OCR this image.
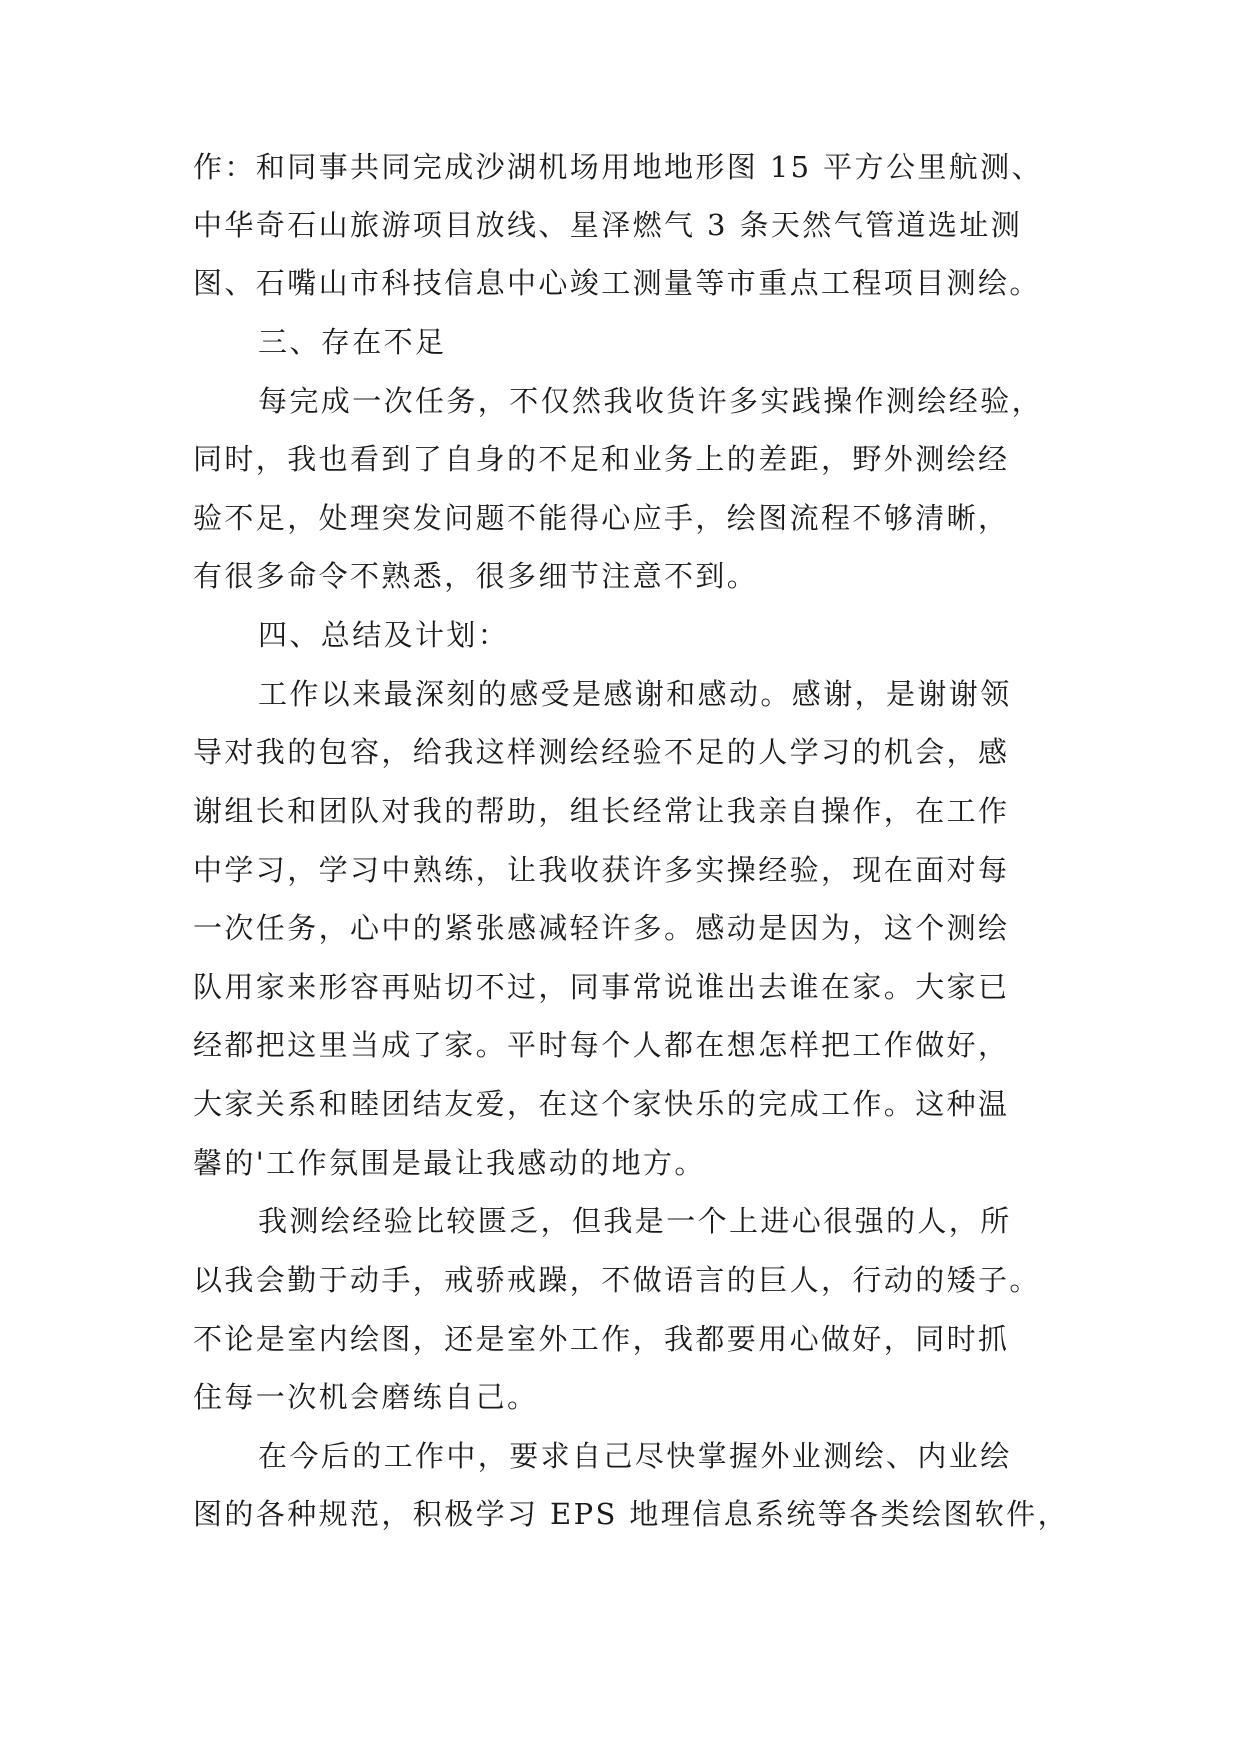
作：和同事共同完成沙湖机场用地地形图 15 平方公里航测、
中华奇石山旅游项目放线、星泽燃气 3 条天然气管道选址测
图、石嘴山市科技信息中心竣工测量等市重点工程项目测绘。
三、存在不足
每完成一次任务，不仅然我收货许多实践操作测绘经验，
同时，我也看到了自身的不足和业务上的差距，野外测绘经
验不足，处理突发问题不能得心应手，绘图流程不够清晰，
有很多命令不熟悉，很多细节注意不到。
四、总结及计划：
工作以来最深刻的感受是感谢和感动。感谢，是谢谢领
导对我的包容，给我这样测绘经验不足的人学习的机会，感
谢组长和团队对我的帮助，组长经常让我亲自操作，在工作
中学习，学习中熟练，让我收获许多实操经验，现在面对每
一次任务，心中的紧张感减轻许多。感动是因为，这个测绘
队用家来形容再贴切不过，同事常说谁出去谁在家。大家已
经都把这里当成了家。平时每个人都在想怎样把工作做好，
大家关系和睦团结友爱，在这个家快乐的完成工作。这种温
馨的'工作氛围是最让我感动的地方。
我测绘经验比较匮乏，但我是一个上进心很强的人，所
以我会勤于动手，戒骄戒躁，不做语言的巨人，行动的矮子。
不论是室内绘图，还是室外工作，我都要用心做好，同时抓
住每一次机会磨练自己。
在今后的工作中，要求自己尽快掌握外业测绘、内业绘
图的各种规范，积极学习 EPS 地理信息系统等各类绘图软件，
